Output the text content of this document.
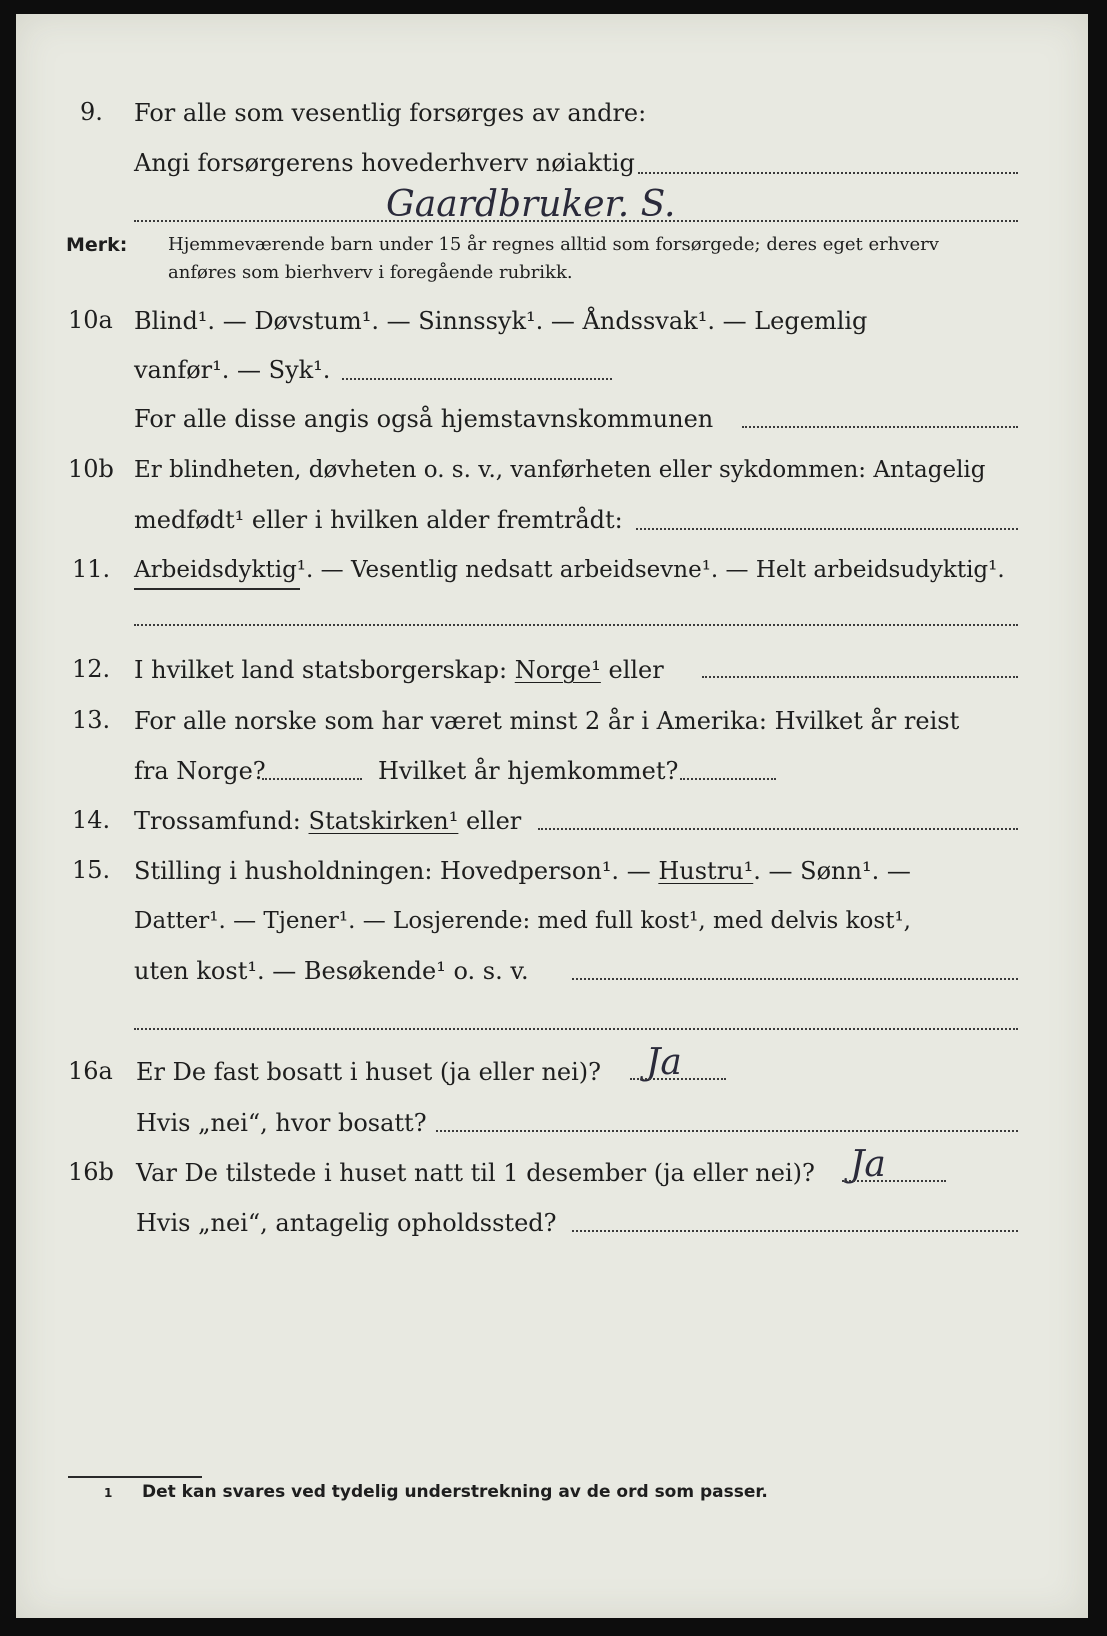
9. For alle som vesentlig forsørges av andre:
Angi forsørgerens hovederhverv nøiaktig
Gaardbruker. S.
Merk: Hjemmeværende barn under 15 år regnes alltid som forsørgede; deres eget erhverv
anføres som bierhverv i foregående rubrikk.
10a Blind¹. — Døvstum¹. — Sinnssyk¹. — Åndssvak¹. — Legemlig
vanfør¹. — Syk¹.
For alle disse angis også hjemstavnskommunen
10b Er blindheten, døvheten o. s. v., vanførheten eller sykdommen: Antagelig
medfødt¹ eller i hvilken alder fremtrådt:
11. Arbeidsdyktig¹. — Vesentlig nedsatt arbeidsevne¹. — Helt arbeidsudyktig¹.
12. I hvilket land statsborgerskap: Norge¹ eller
13. For alle norske som har været minst 2 år i Amerika: Hvilket år reist
fra Norge?	Hvilket år hjemkommet?
14. Trossamfund: Statskirken¹ eller
15. Stilling i husholdningen: Hovedperson¹. — Hustru¹. — Sønn¹. —
Datter¹. — Tjener¹. — Losjerende: med full kost¹, med delvis kost¹,
uten kost¹. — Besøkende¹ o. s. v.
16a Er De fast bosatt i huset (ja eller nei)? Ja
Hvis „nei“, hvor bosatt?
16b Var De tilstede i huset natt til 1 desember (ja eller nei)? Ja
Hvis „nei“, antagelig opholdssted?
1 Det kan svares ved tydelig understrekning av de ord som passer.
